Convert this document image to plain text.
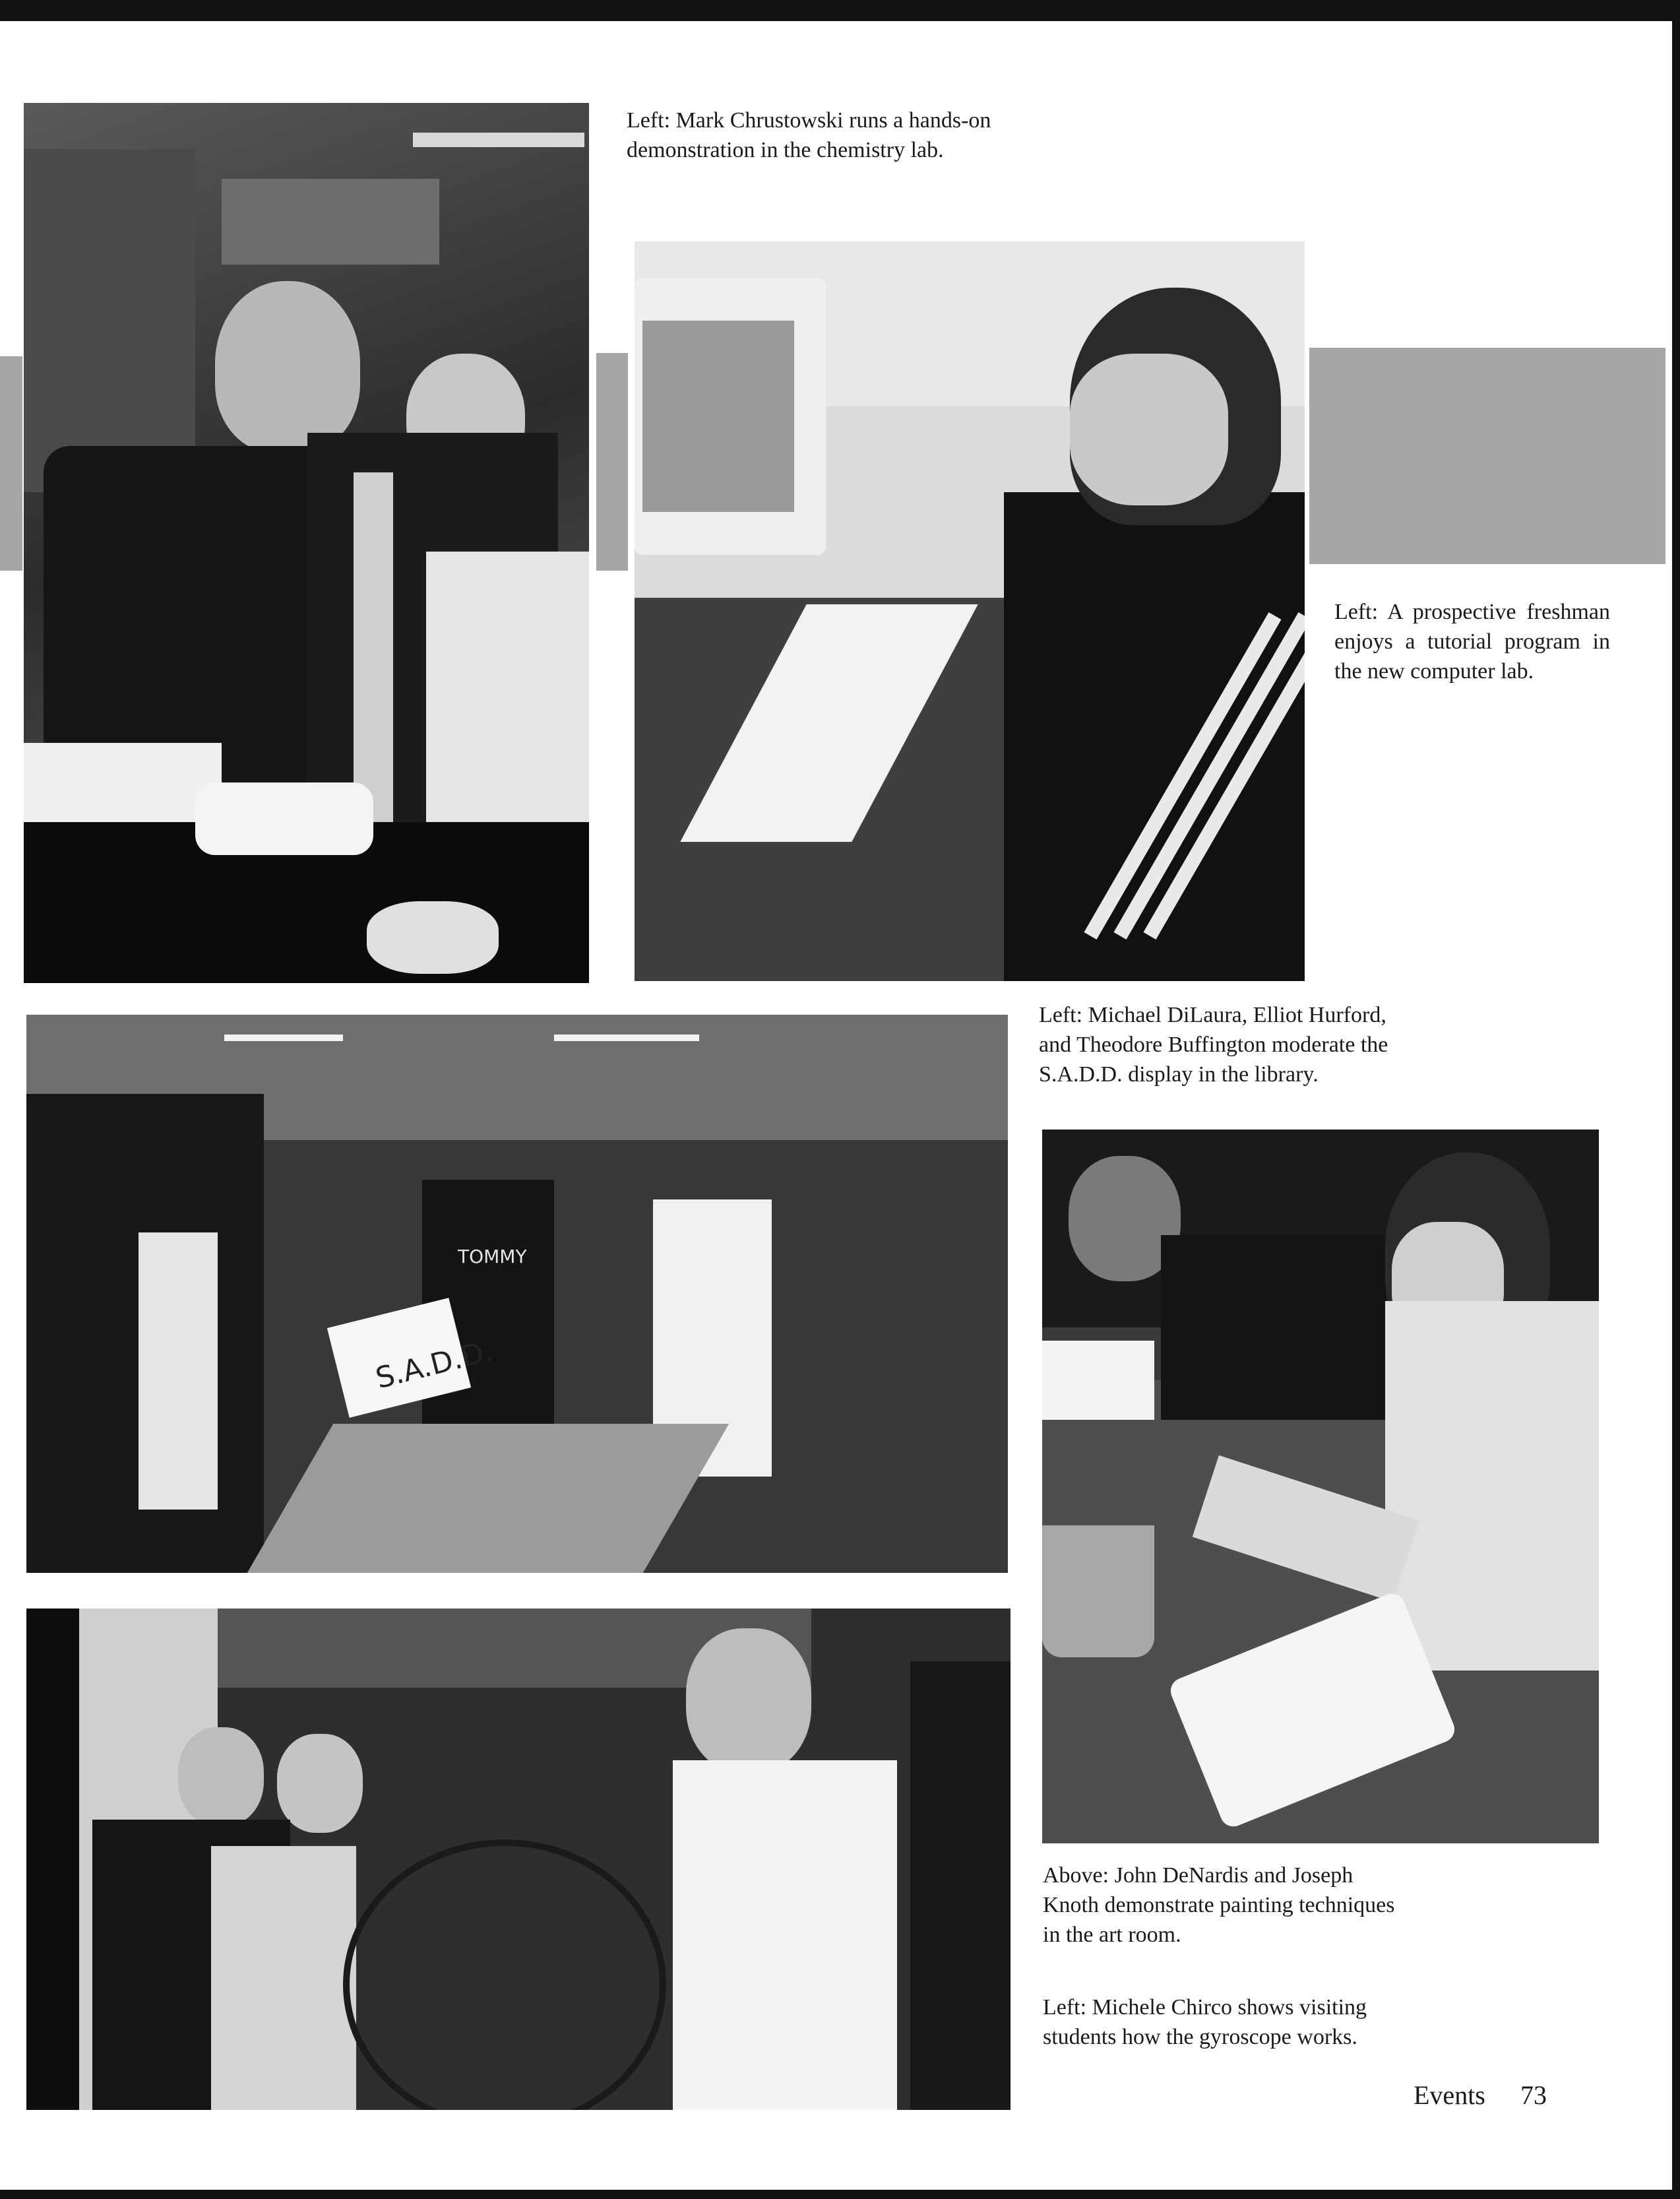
S.A.D.D.
TOMMY
Left: Mark Chrustowski runs a hands-on demonstration in the chemistry lab.
Left: A prospective freshman enjoys a tutorial program in the new computer lab.
Left: Michael DiLaura, Elliot Hurford, and Theodore Buffington moderate the S.A.D.D. display in the library.
Above: John DeNardis and Joseph Knoth demonstrate painting techniques in the art room.
Left: Michele Chirco shows visiting students how the gyroscope works.
Events 73
